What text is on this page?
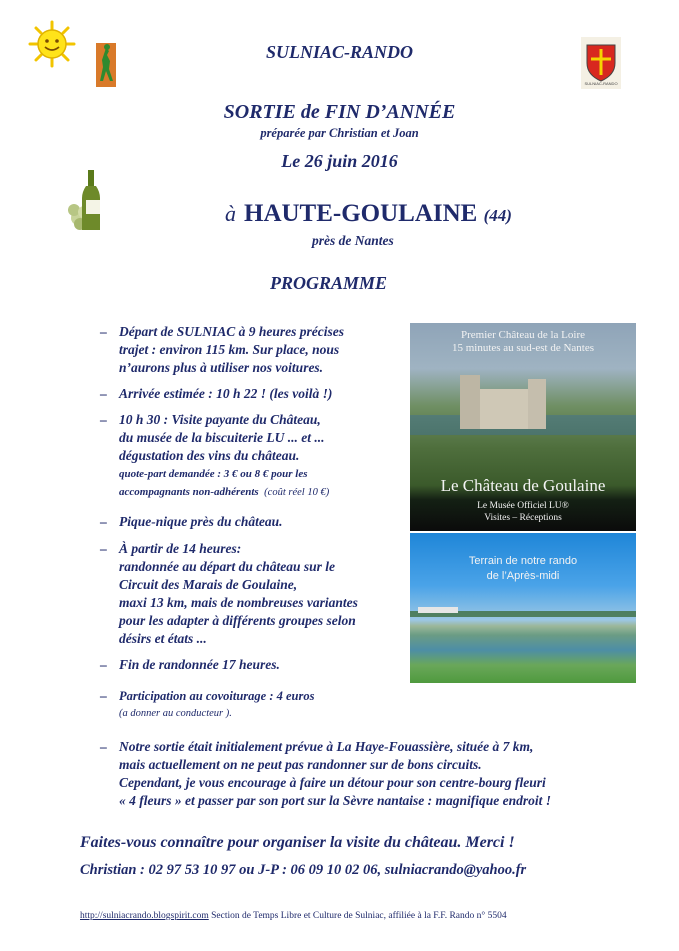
SULNIAC-RANDO
SULNIAC-RANDO
SORTIE de FIN D’ANNÉE
préparée par Christian et Joan
Le 26 juin 2016
à HAUTE-GOULAINE (44)
près de Nantes
PROGRAMME
– Départ de SULNIAC à 9 heures précises
trajet : environ 115 km. Sur place, nous
n’aurons plus à utiliser nos voitures.
– Arrivée estimée : 10 h 22 ! (les voilà !)
– 10 h 30 : Visite payante du Château,
du musée de la biscuiterie LU ... et ...
dégustation des vins du château.
quote-part demandée : 3 € ou 8 € pour les
accompagnants non-adhérents (coût réel 10 €)
– Pique-nique près du château.
– À partir de 14 heures:
randonnée au départ du château sur le
Circuit des Marais de Goulaine,
maxi 13 km, mais de nombreuses variantes
pour les adapter à différents groupes selon
désirs et états ...
– Fin de randonnée 17 heures.
– Participation au covoiturage : 4 euros
(a donner au conducteur ).
Premier Château de la Loire
15 minutes au sud-est de Nantes
Le Château de Goulaine
Le Musée Officiel LU®
Visites – Réceptions
Terrain de notre rando
de l’Après-midi
– Notre sortie était initialement prévue à La Haye-Fouassière, située à 7 km,
mais actuellement on ne peut pas randonner sur de bons circuits.
Cependant, je vous encourage à faire un détour pour son centre-bourg fleuri
« 4 fleurs » et passer par son port sur la Sèvre nantaise : magnifique endroit !
Faites-vous connaître pour organiser la visite du château. Merci !
Christian : 02 97 53 10 97 ou J-P : 06 09 10 02 06, sulniacrando@yahoo.fr
http://sulniacrando.blogspirit.com Section de Temps Libre et Culture de Sulniac, affiliée à la F.F. Rando n° 5504
